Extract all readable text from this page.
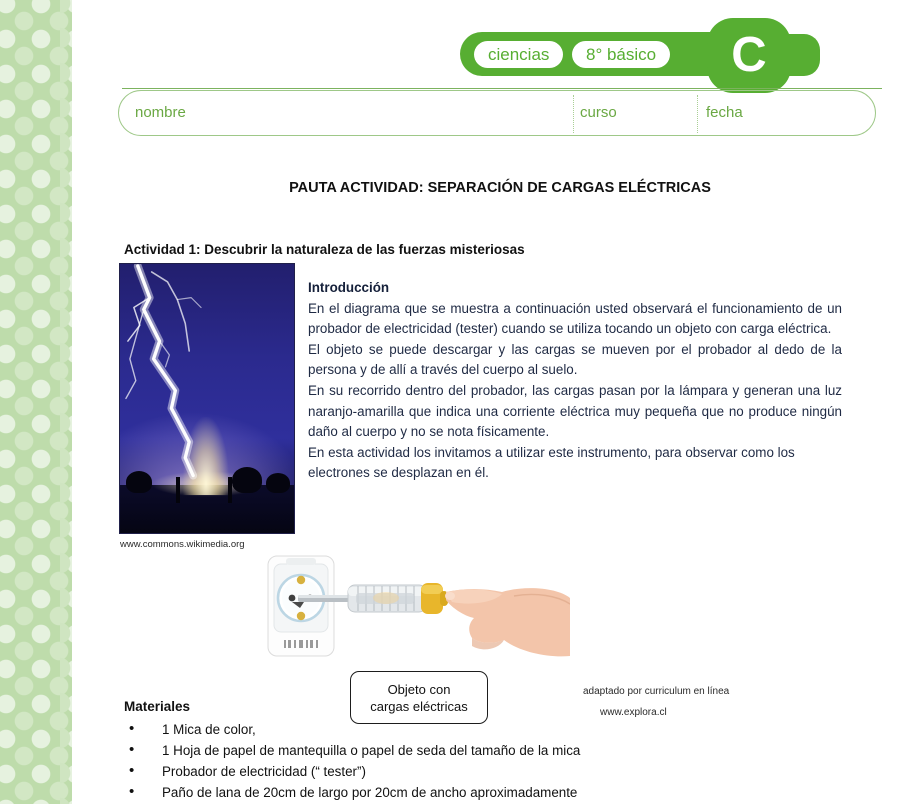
ciencias	8° básico	C
nombre	curso	fecha
PAUTA ACTIVIDAD: SEPARACIÓN DE CARGAS ELÉCTRICAS
Actividad 1: Descubrir la naturaleza de las fuerzas misteriosas
www.commons.wikimedia.org
Introducción

En el diagrama que se muestra a continuación usted observará el funcionamiento de un probador de electricidad (tester) cuando se utiliza tocando un objeto con carga eléctrica.

El objeto se puede descargar y las cargas se mueven por el probador al dedo de la persona y de allí a través del cuerpo al suelo.

En su recorrido dentro del probador, las cargas pasan por la lámpara y generan una luz naranjo-amarilla que indica una corriente eléctrica muy pequeña que no produce ningún daño al cuerpo y no se nota físicamente.

En esta actividad los invitamos a utilizar este instrumento, para observar como los electrones se desplazan en él.

Objeto con
cargas eléctricas
adaptado por curriculum en línea
www.explora.cl
Materiales
• 1 Mica de color,
• 1 Hoja de papel de mantequilla o papel de seda del tamaño de la mica
• Probador de electricidad (“ tester”)
• Paño de lana de 20cm de largo por 20cm de ancho aproximadamente
